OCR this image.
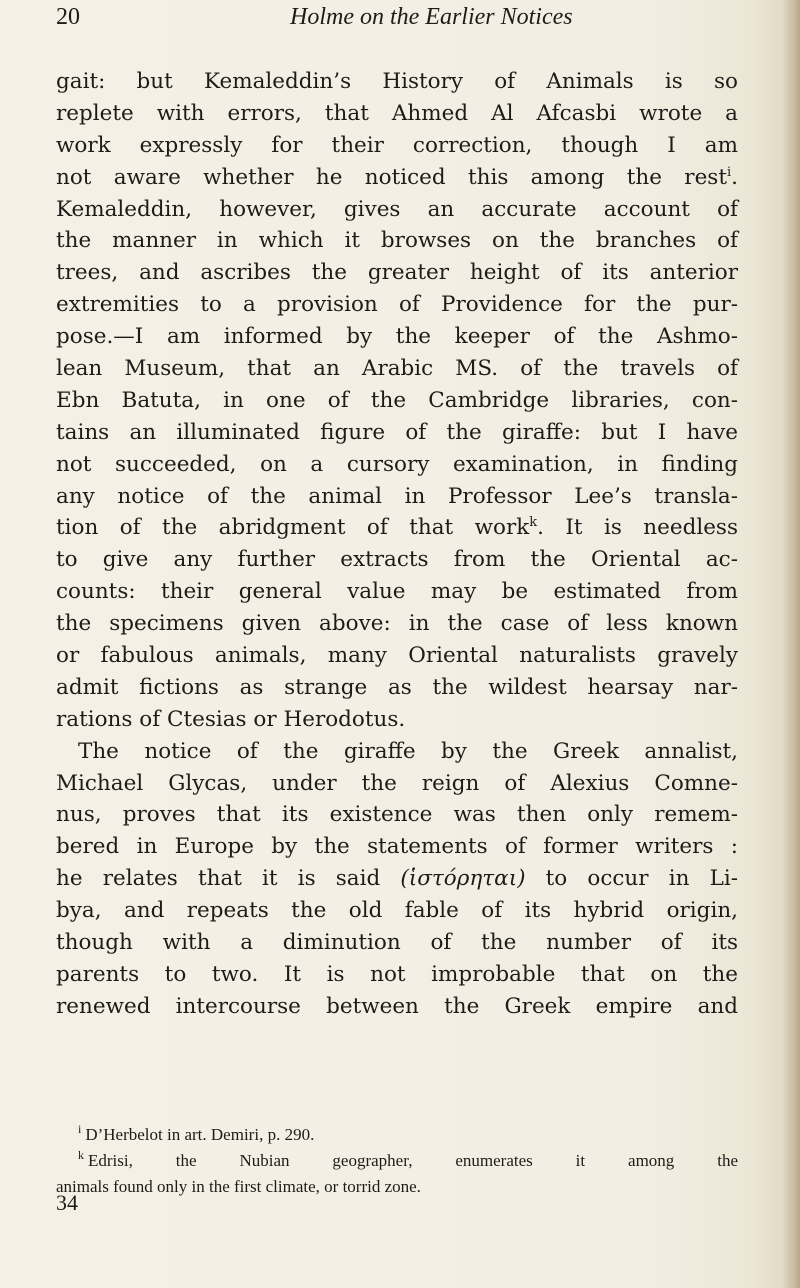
20	Holme on the Earlier Notices
gait: but Kemaleddin’s History of Animals is so
replete with errors, that Ahmed Al Afcasbi wrote a
work expressly for their correction, though I am
not aware whether he noticed this among the rest$^i$.
Kemaleddin, however, gives an accurate account of
the manner in which it browses on the branches of
trees, and ascribes the greater height of its anterior
extremities to a provision of Providence for the pur-
pose.—I am informed by the keeper of the Ashmo-
lean Museum, that an Arabic MS. of the travels of
Ebn Batuta, in one of the Cambridge libraries, con-
tains an illuminated figure of the giraffe: but I have
not succeeded, on a cursory examination, in finding
any notice of the animal in Professor Lee’s transla-
tion of the abridgment of that work$^k$. It is needless
to give any further extracts from the Oriental ac-
counts: their general value may be estimated from
the specimens given above: in the case of less known
or fabulous animals, many Oriental naturalists gravely
admit fictions as strange as the wildest hearsay nar-
rations of Ctesias or Herodotus.
The notice of the giraffe by the Greek annalist,
Michael Glycas, under the reign of Alexius Comne-
nus, proves that its existence was then only remem-
bered in Europe by the statements of former writers :
he relates that it is said (ἱστόρηται) to occur in Li-
bya, and repeats the old fable of its hybrid origin,
though with a diminution of the number of its
parents to two. It is not improbable that on the
renewed intercourse between the Greek empire and
$^i$ D’Herbelot in art. Demiri, p. 290.
$^k$ Edrisi, the Nubian geographer, enumerates it among the
animals found only in the first climate, or torrid zone.
34
